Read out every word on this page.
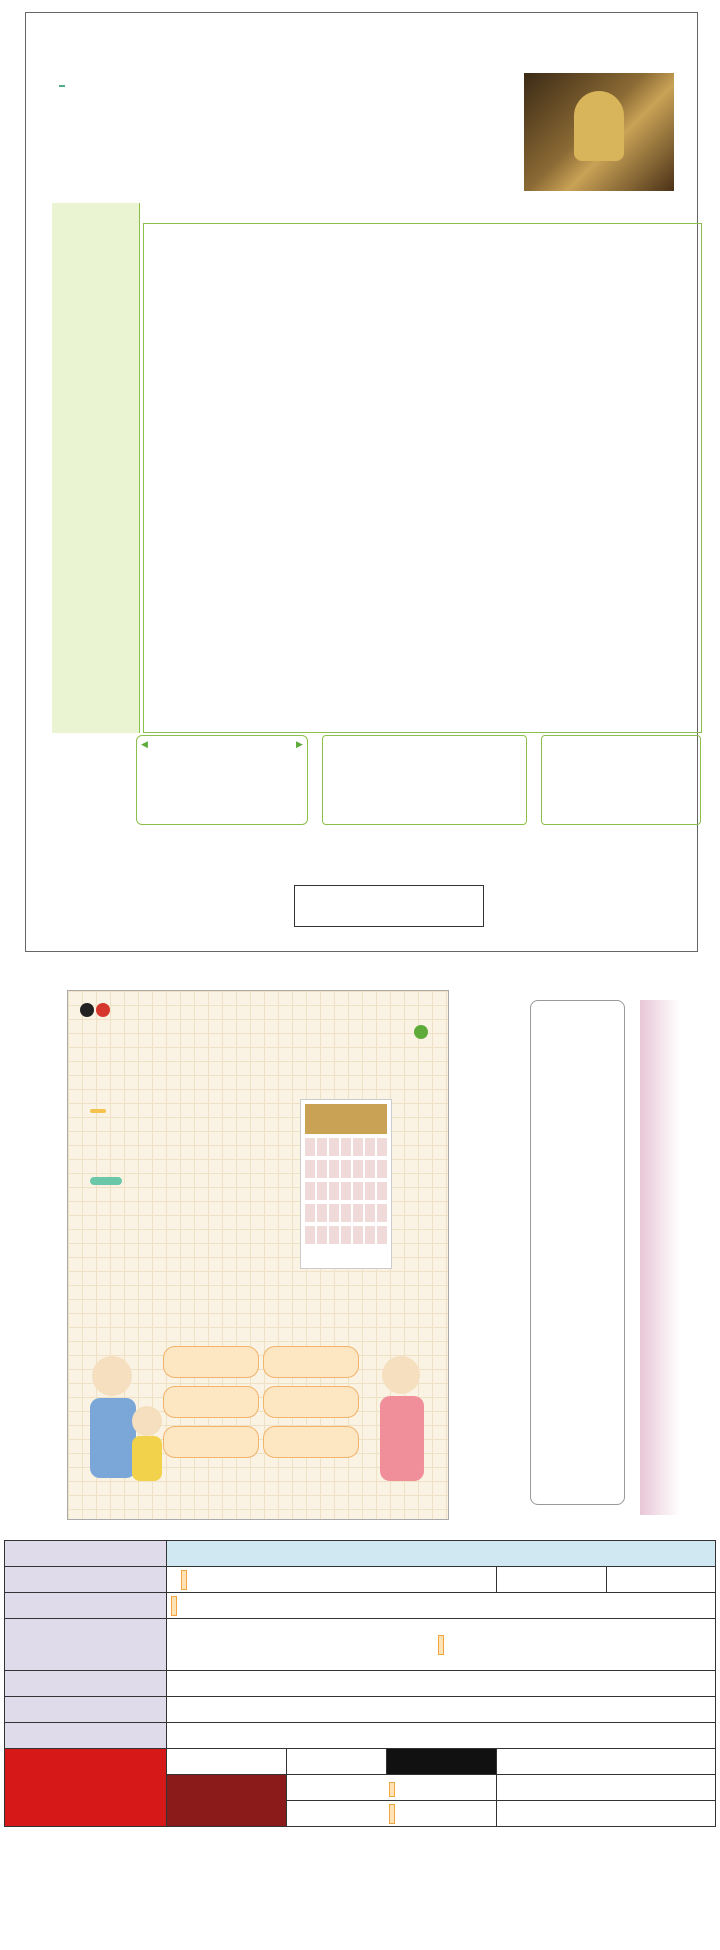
◀	▶
